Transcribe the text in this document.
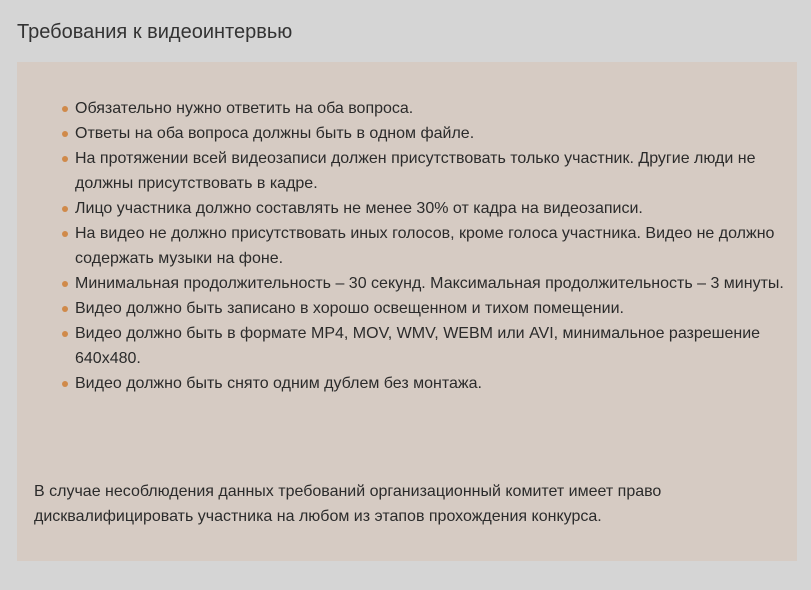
Требования к видеоинтервью
Обязательно нужно ответить на оба вопроса.
Ответы на оба вопроса должны быть в одном файле.
На протяжении всей видеозаписи должен присутствовать только участник. Другие люди не должны присутствовать в кадре.
Лицо участника должно составлять не менее 30% от кадра на видеозаписи.
На видео не должно присутствовать иных голосов, кроме голоса участника. Видео не должно содержать музыки на фоне.
Минимальная продолжительность – 30 секунд. Максимальная продолжительность – 3 минуты.
Видео должно быть записано в хорошо освещенном и тихом помещении.
Видео должно быть в формате MP4, MOV, WMV, WEBM или AVI, минимальное разрешение 640x480.
Видео должно быть снято одним дублем без монтажа.

В случае несоблюдения данных требований организационный комитет имеет право дисквалифицировать участника на любом из этапов прохождения конкурса.
